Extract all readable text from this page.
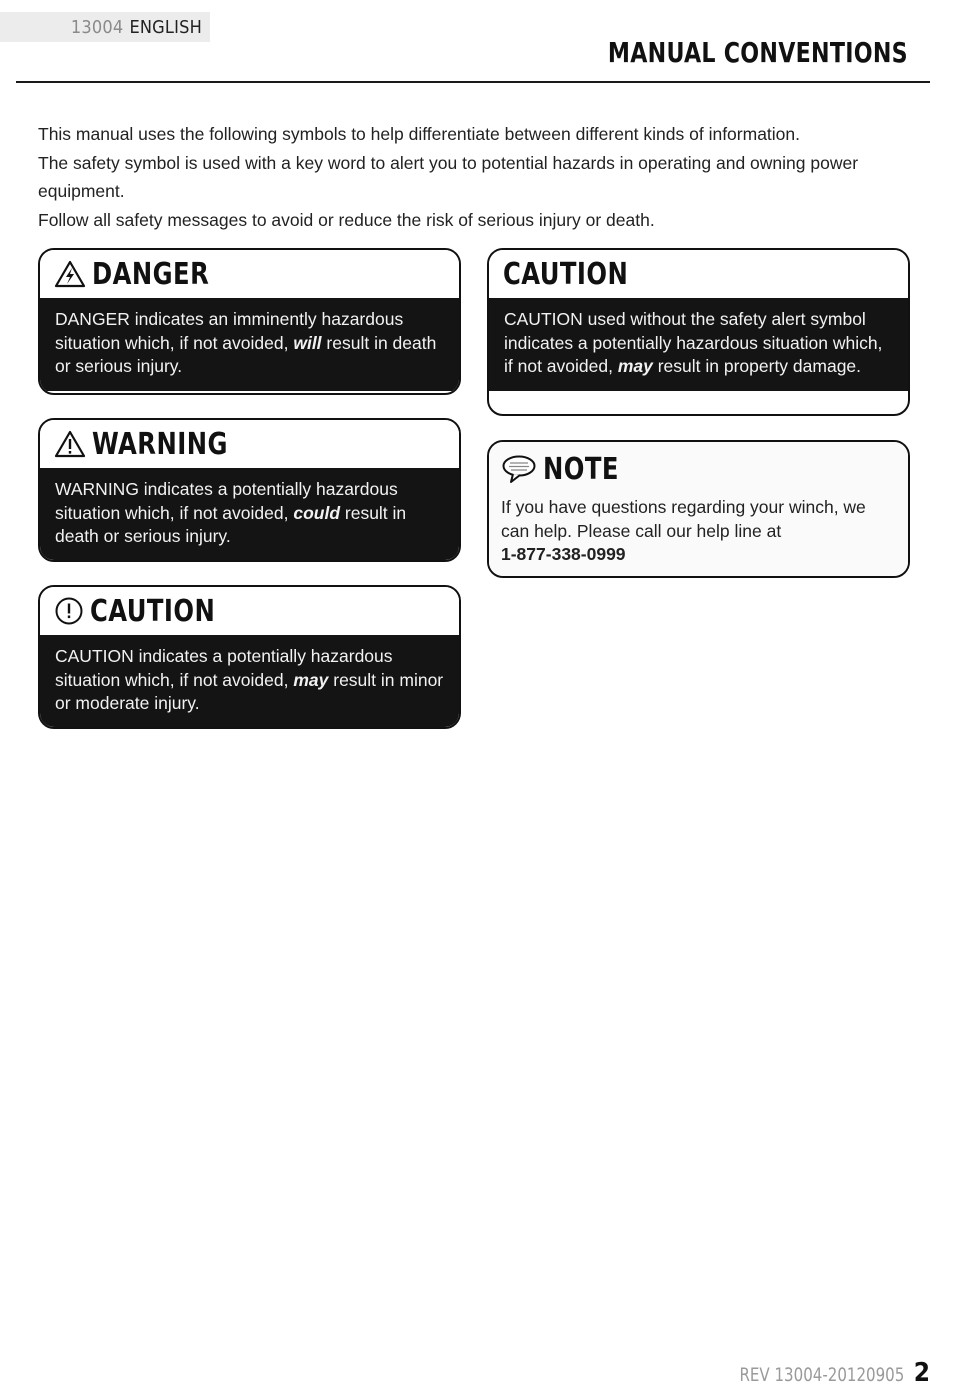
13004 ENGLISH
MANUAL CONVENTIONS

This manual uses the following symbols to help differentiate between different kinds of information.

The safety symbol is used with a key word to alert you to potential hazards in operating and owning power equipment.

Follow all safety messages to avoid or reduce the risk of serious injury or death.

DANGER
DANGER indicates an imminently hazardous situation which, if not avoided, will result in death or serious injury.
WARNING
WARNING indicates a potentially hazardous situation which, if not avoided, could result in death or serious injury.
CAUTION
CAUTION indicates a potentially hazardous situation which, if not avoided, may result in minor or moderate injury.
CAUTION
CAUTION used without the safety alert symbol indicates a potentially hazardous situation which, if not avoided, may result in property damage.
NOTE
If you have questions regarding your winch, we can help. Please call our help line at
1-877-338-0999
REV 13004-20120905 2
